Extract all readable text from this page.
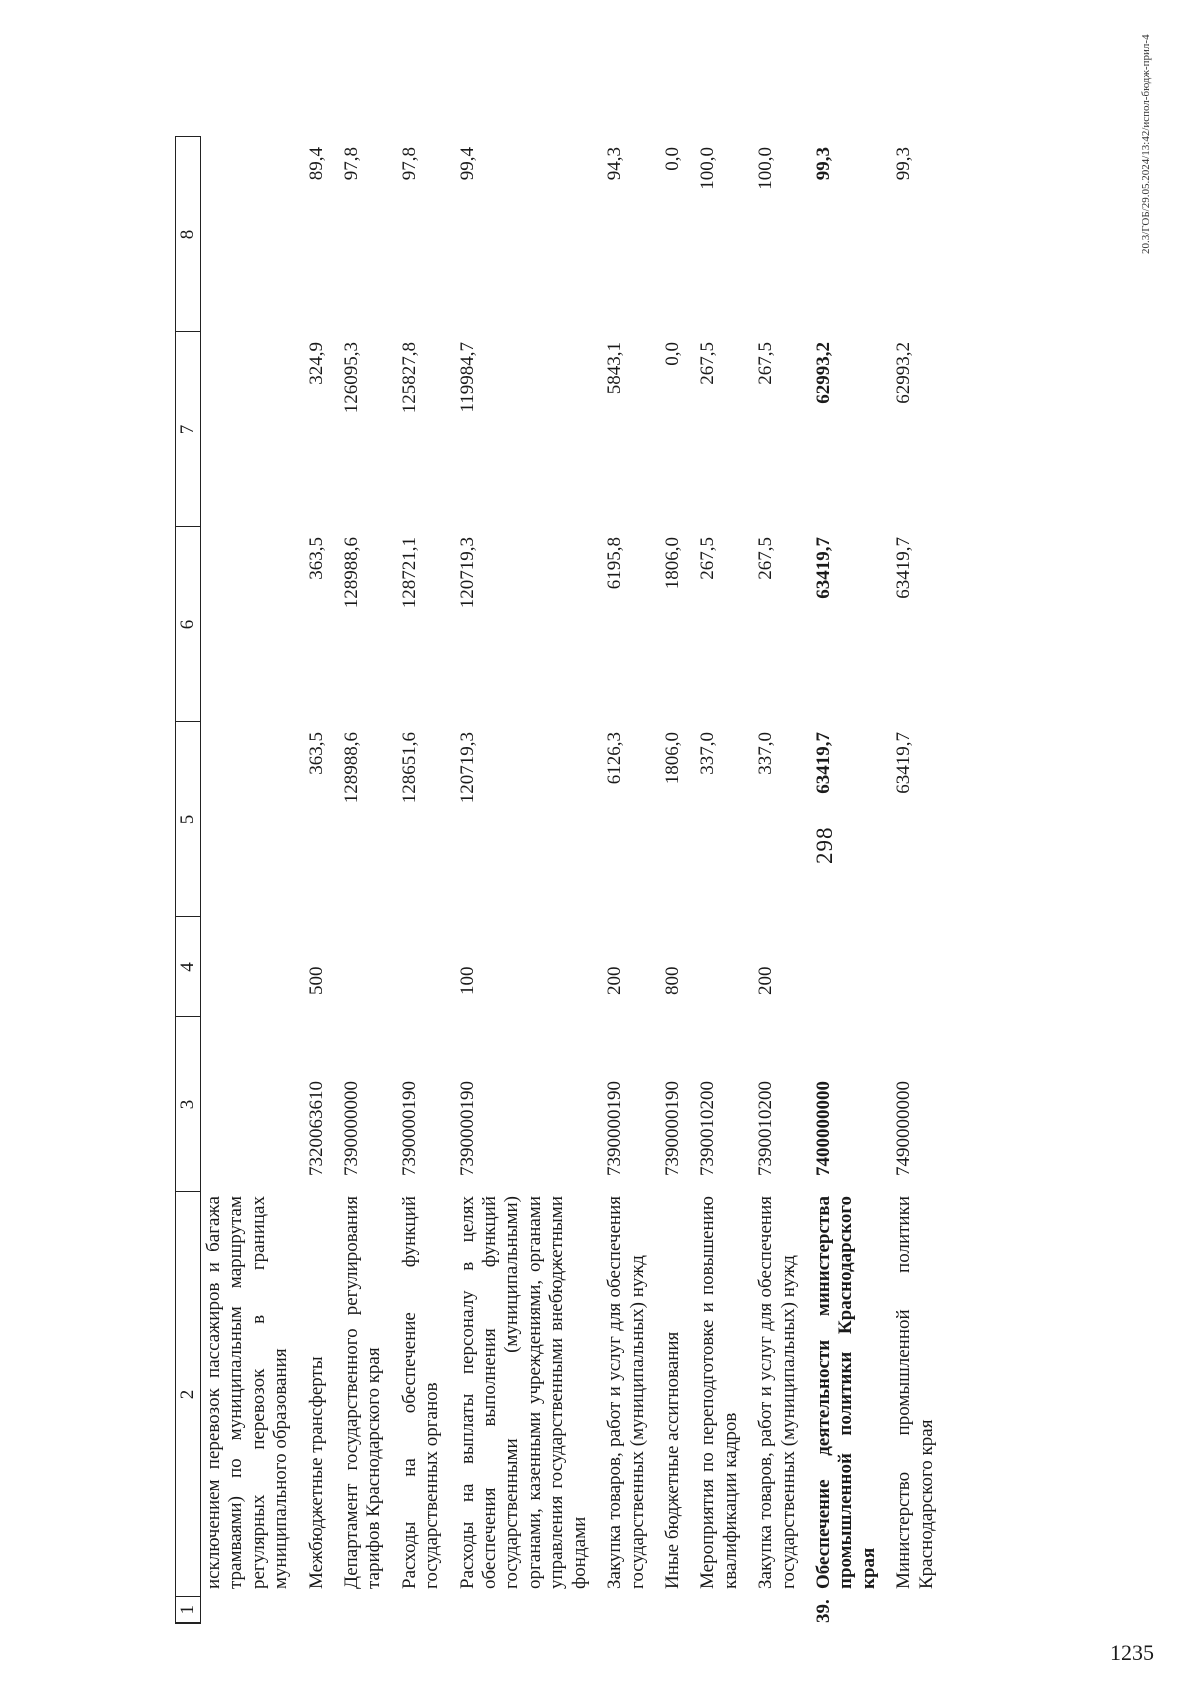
298
1	2	3	4	5	6	7	8
	исключением перевозок пассажиров и багажа трамваями) по муниципальным маршрутам регулярных перевозок в границах муниципального образования						
	Межбюджетные трансферты	7320063610	500	363,5	363,5	324,9	89,4
	Департамент государственного регулирования тарифов Краснодарского края	7390000000		128988,6	128988,6	126095,3	97,8
	Расходы на обеспечение функций государственных органов	7390000190		128651,6	128721,1	125827,8	97,8
	Расходы на выплаты персоналу в целях обеспечения выполнения функций государственными (муниципальными) органами, казенными учреждениями, органами управления государственными внебюджетными фондами	7390000190	100	120719,3	120719,3	119984,7	99,4
	Закупка товаров, работ и услуг для обеспечения государственных (муниципальных) нужд	7390000190	200	6126,3	6195,8	5843,1	94,3
	Иные бюджетные ассигнования	7390000190	800	1806,0	1806,0	0,0	0,0
	Мероприятия по переподготовке и повышению квалификации кадров	7390010200		337,0	267,5	267,5	100,0
	Закупка товаров, работ и услуг для обеспечения государственных (муниципальных) нужд	7390010200	200	337,0	267,5	267,5	100,0
39.	Обеспечение деятельности министерства промышленной политики Краснодарского края	7400000000		63419,7	63419,7	62993,2	99,3
	Министерство промышленной политики Краснодарского края	7490000000		63419,7	63419,7	62993,2	99,3	20.3/ГОБ/29.05.2024/13:42/испол-бюдж-прил-4
1235
